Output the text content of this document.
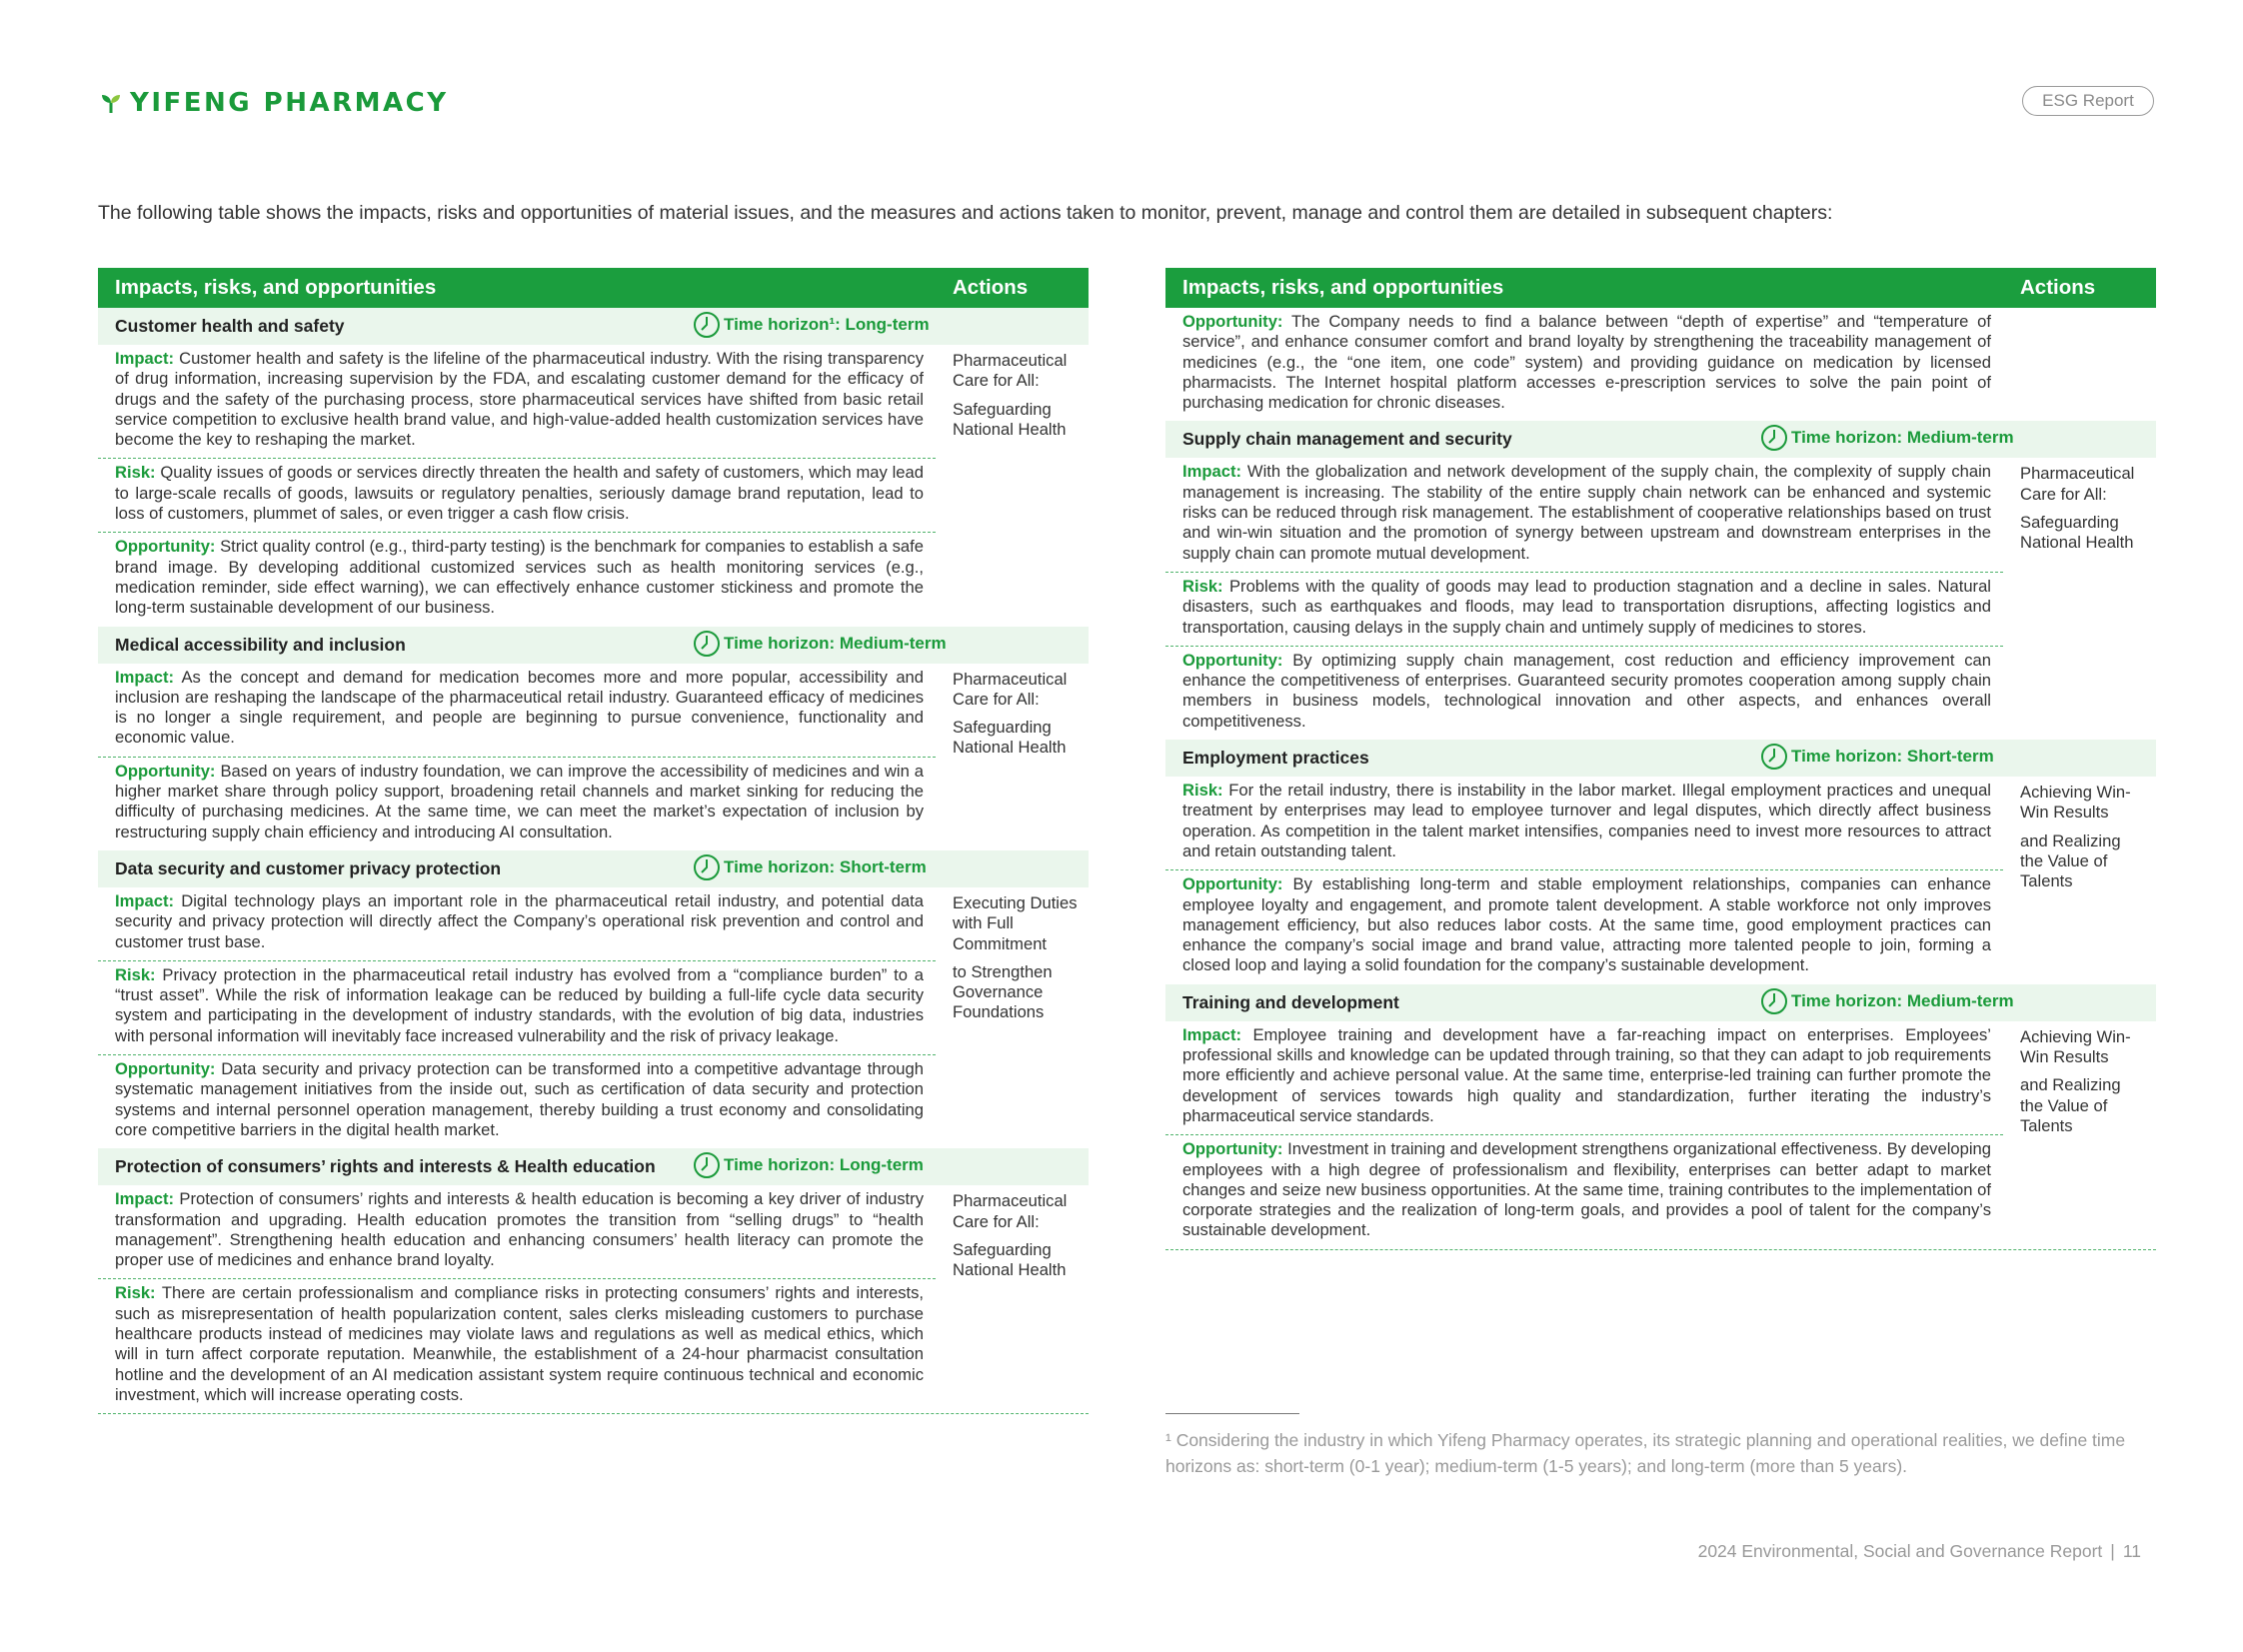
YIFENG PHARMACY	ESG Report
The following table shows the impacts, risks and opportunities of material issues, and the measures and actions taken to monitor, prevent, manage and control them are detailed in subsequent chapters:
Impacts, risks, and opportunities	Actions
Customer health and safety	Time horizon¹: Long-term
Impact: Customer health and safety is the lifeline of the pharmaceutical industry. With the rising transparency of drug information, increasing supervision by the FDA, and escalating customer demand for the efficacy of drugs and the safety of the purchasing process, store pharmaceutical services have shifted from basic retail service competition to exclusive health brand value, and high-value-added health customization services have become the key to reshaping the market.
Risk: Quality issues of goods or services directly threaten the health and safety of customers, which may lead to large-scale recalls of goods, lawsuits or regulatory penalties, seriously damage brand reputation, lead to loss of customers, plummet of sales, or even trigger a cash flow crisis.
Opportunity: Strict quality control (e.g., third-party testing) is the benchmark for companies to establish a safe brand image. By developing additional customized services such as health monitoring services (e.g., medication reminder, side effect warning), we can effectively enhance customer stickiness and promote the long-term sustainable development of our business.
Pharmaceutical Care for All:
Safeguarding National Health
Medical accessibility and inclusion	Time horizon: Medium-term
Impact: As the concept and demand for medication becomes more and more popular, accessibility and inclusion are reshaping the landscape of the pharmaceutical retail industry. Guaranteed efficacy of medicines is no longer a single requirement, and people are beginning to pursue convenience, functionality and economic value.
Opportunity: Based on years of industry foundation, we can improve the accessibility of medicines and win a higher market share through policy support, broadening retail channels and market sinking for reducing the difficulty of purchasing medicines. At the same time, we can meet the market’s expectation of inclusion by restructuring supply chain efficiency and introducing AI consultation.
Pharmaceutical Care for All:
Safeguarding National Health
Data security and customer privacy protection	Time horizon: Short-term
Impact: Digital technology plays an important role in the pharmaceutical retail industry, and potential data security and privacy protection will directly affect the Company’s operational risk prevention and control and customer trust base.
Risk: Privacy protection in the pharmaceutical retail industry has evolved from a “compliance burden” to a “trust asset”. While the risk of information leakage can be reduced by building a full-life cycle data security system and participating in the development of industry standards, with the evolution of big data, industries with personal information will inevitably face increased vulnerability and the risk of privacy leakage.
Opportunity: Data security and privacy protection can be transformed into a competitive advantage through systematic management initiatives from the inside out, such as certification of data security and protection systems and internal personnel operation management, thereby building a trust economy and consolidating core competitive barriers in the digital health market.
Executing Duties with Full Commitment
to Strengthen Governance Foundations
Protection of consumers’ rights and interests & Health education	Time horizon: Long-term
Impact: Protection of consumers’ rights and interests & health education is becoming a key driver of industry transformation and upgrading. Health education promotes the transition from “selling drugs” to “health management”. Strengthening health education and enhancing consumers’ health literacy can promote the proper use of medicines and enhance brand loyalty.
Risk: There are certain professionalism and compliance risks in protecting consumers’ rights and interests, such as misrepresentation of health popularization content, sales clerks misleading customers to purchase healthcare products instead of medicines may violate laws and regulations as well as medical ethics, which will in turn affect corporate reputation. Meanwhile, the establishment of a 24-hour pharmacist consultation hotline and the development of an AI medication assistant system require continuous technical and economic investment, which will increase operating costs.
Pharmaceutical Care for All:
Safeguarding National Health
Impacts, risks, and opportunities	Actions
Opportunity: The Company needs to find a balance between “depth of expertise” and “temperature of service”, and enhance consumer comfort and brand loyalty by strengthening the traceability management of medicines (e.g., the “one item, one code” system) and providing guidance on medication by licensed pharmacists. The Internet hospital platform accesses e-prescription services to solve the pain point of purchasing medication for chronic diseases.
Supply chain management and security	Time horizon: Medium-term
Impact: With the globalization and network development of the supply chain, the complexity of supply chain management is increasing. The stability of the entire supply chain network can be enhanced and systemic risks can be reduced through risk management. The establishment of cooperative relationships based on trust and win-win situation and the promotion of synergy between upstream and downstream enterprises in the supply chain can promote mutual development.
Risk: Problems with the quality of goods may lead to production stagnation and a decline in sales. Natural disasters, such as earthquakes and floods, may lead to transportation disruptions, affecting logistics and transportation, causing delays in the supply chain and untimely supply of medicines to stores.
Opportunity: By optimizing supply chain management, cost reduction and efficiency improvement can enhance the competitiveness of enterprises. Guaranteed security promotes cooperation among supply chain members in business models, technological innovation and other aspects, and enhances overall competitiveness.
Pharmaceutical Care for All:
Safeguarding National Health
Employment practices	Time horizon: Short-term
Risk: For the retail industry, there is instability in the labor market. Illegal employment practices and unequal treatment by enterprises may lead to employee turnover and legal disputes, which directly affect business operation. As competition in the talent market intensifies, companies need to invest more resources to attract and retain outstanding talent.
Opportunity: By establishing long-term and stable employment relationships, companies can enhance employee loyalty and engagement, and promote talent development. A stable workforce not only improves management efficiency, but also reduces labor costs. At the same time, good employment practices can enhance the company’s social image and brand value, attracting more talented people to join, forming a closed loop and laying a solid foundation for the company’s sustainable development.
Achieving Win-Win Results
and Realizing the Value of Talents
Training and development	Time horizon: Medium-term
Impact: Employee training and development have a far-reaching impact on enterprises. Employees’ professional skills and knowledge can be updated through training, so that they can adapt to job requirements more efficiently and achieve personal value. At the same time, enterprise-led training can further promote the development of services towards high quality and standardization, further iterating the industry’s pharmaceutical service standards.
Opportunity: Investment in training and development strengthens organizational effectiveness. By developing employees with a high degree of professionalism and flexibility, enterprises can better adapt to market changes and seize new business opportunities. At the same time, training contributes to the implementation of corporate strategies and the realization of long-term goals, and provides a pool of talent for the company’s sustainable development.
Achieving Win-Win Results
and Realizing the Value of Talents
¹ Considering the industry in which Yifeng Pharmacy operates, its strategic planning and operational realities, we define time horizons as: short-term (0-1 year); medium-term (1-5 years); and long-term (more than 5 years).
2024 Environmental, Social and Governance Report | 11
